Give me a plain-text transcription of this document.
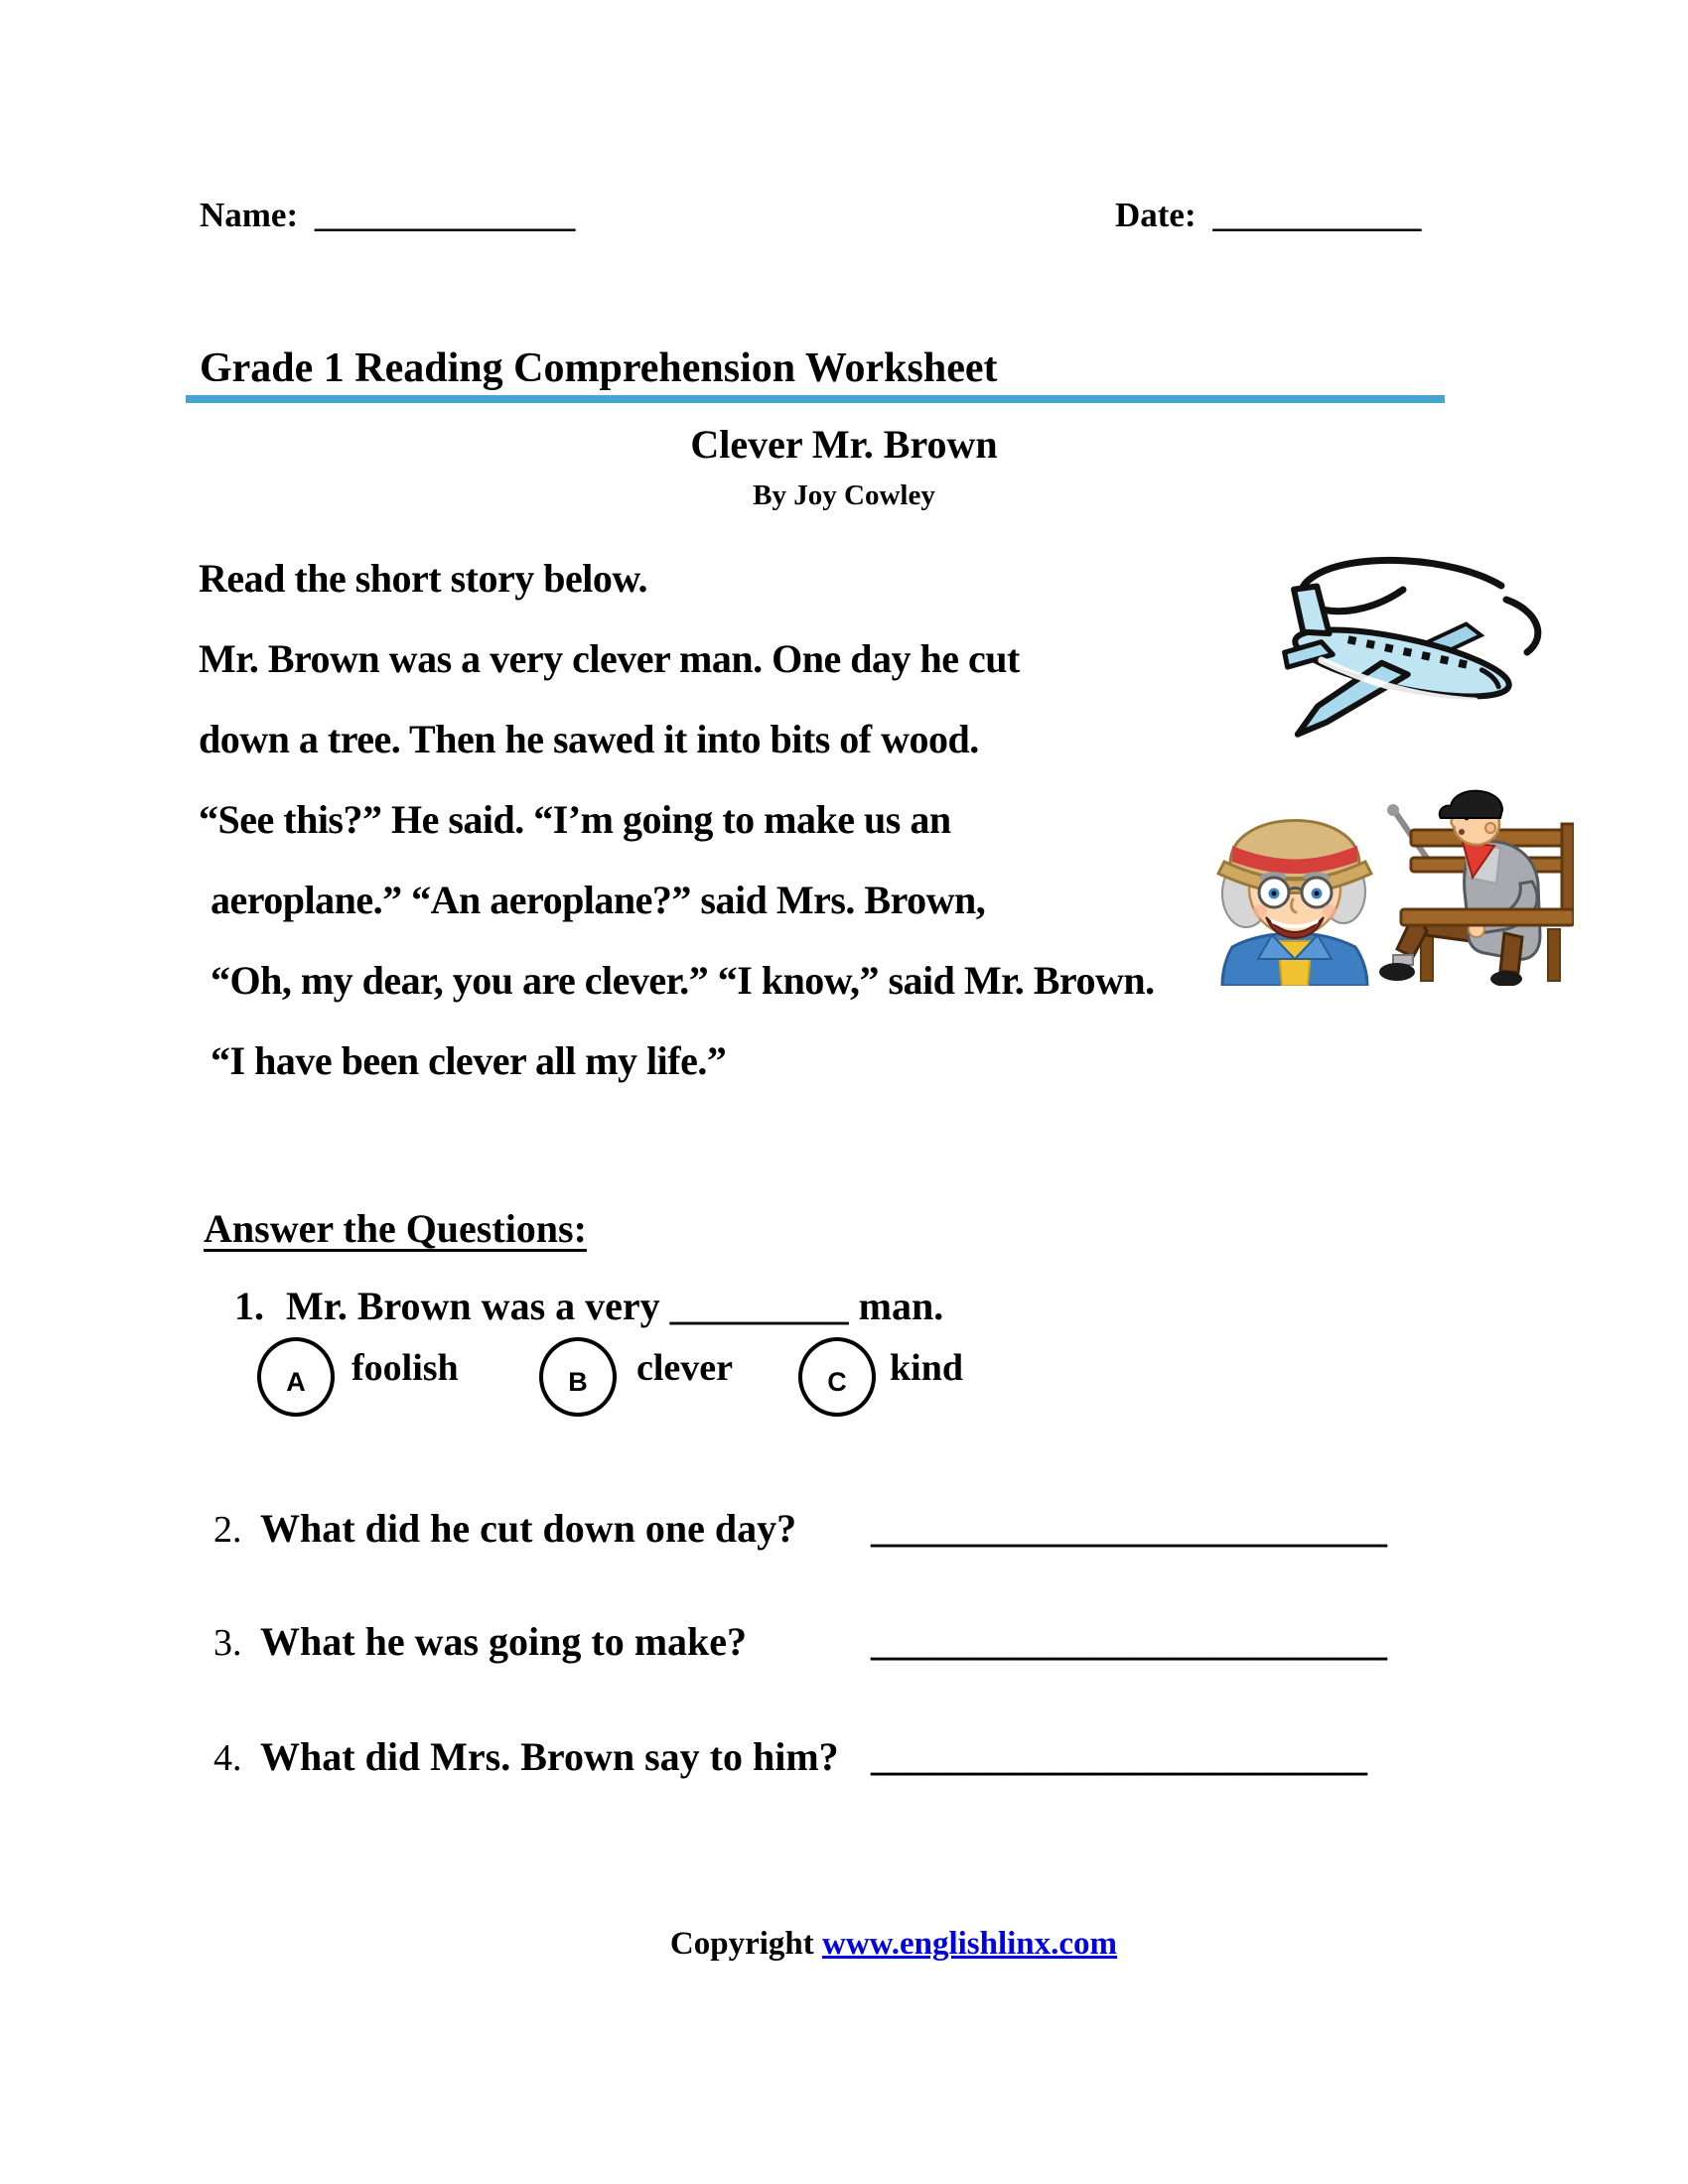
Name: _______________	Date: ____________
Grade 1 Reading Comprehension Worksheet
Clever Mr. Brown
By Joy Cowley
Read the short story below.
Mr. Brown was a very clever man. One day he cut
down a tree. Then he sawed it into bits of wood.
“See this?” He said. “I’m going to make us an
aeroplane.” “An aeroplane?” said Mrs. Brown,
“Oh, my dear, you are clever.” “I know,” said Mr. Brown.
“I have been clever all my life.”
Answer the Questions:
1. Mr. Brown was a very _________ man.
A foolish	B clever	C kind
2. What did he cut down one day? __________________________
3. What he was going to make?	__________________________
4. What did Mrs. Brown say to him? _________________________
Copyright www.englishlinx.com
